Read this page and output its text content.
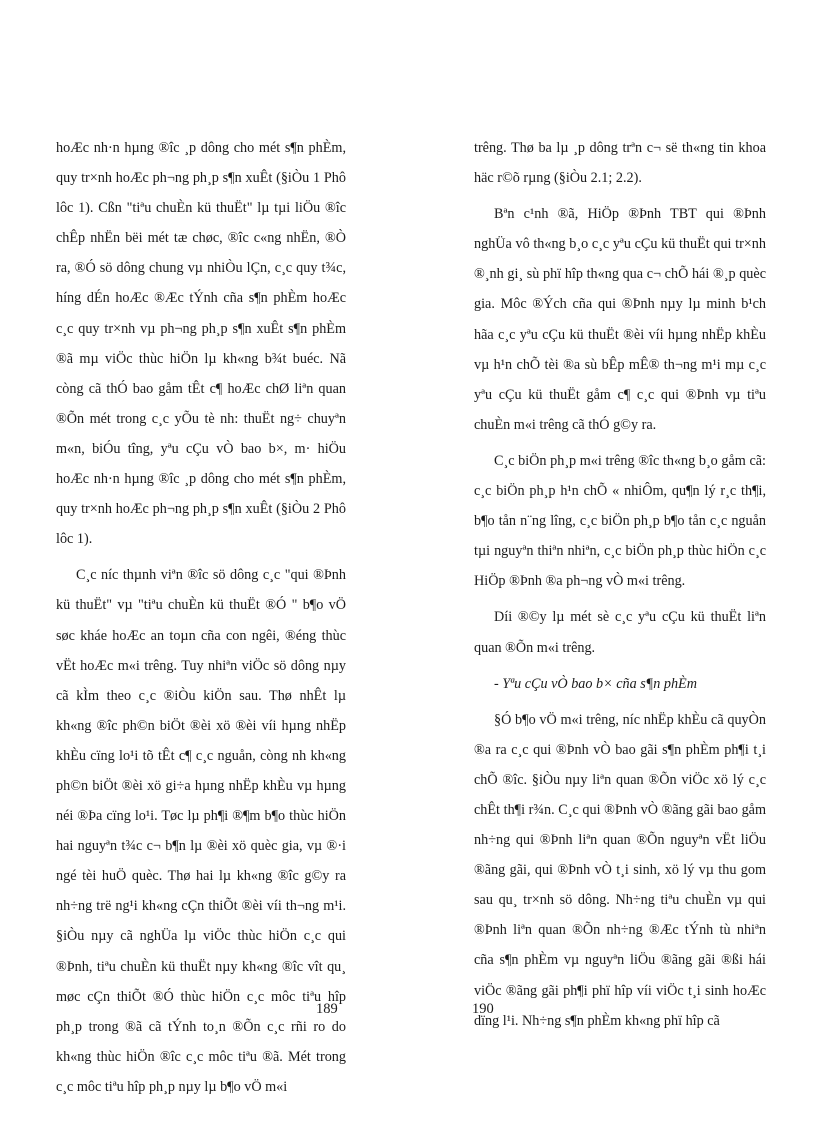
hoÆc nh·n hµng ®îc ¸p dông cho mét s¶n phÈm, quy tr×nh hoÆc ph¬ng ph¸p s¶n xuÊt (§iÒu 1 Phô lôc 1). Cßn "tiªu chuÈn kü thuËt" lµ tµi liÖu ®îc chÊp nhËn bëi mét tæ chøc, ®îc c«ng nhËn, ®Ò ra, ®Ó sö dông chung vµ nhiÒu lÇn, c¸c quy t¾c, híng dÉn hoÆc ®Æc tÝnh cña s¶n phÈm hoÆc c¸c quy tr×nh vµ ph¬ng ph¸p s¶n xuÊt s¶n phÈm ®ã mµ viÖc thùc hiÖn lµ kh«ng b¾t buéc. Nã còng cã thÓ bao gåm tÊt c¶ hoÆc chØ liªn quan ®Õn mét trong c¸c yÕu tè nh: thuËt ng÷ chuyªn m«n, biÓu tîng, yªu cÇu vÒ bao b×, m· hiÖu hoÆc nh·n hµng ®îc ¸p dông cho mét s¶n phÈm, quy tr×nh hoÆc ph¬ng ph¸p s¶n xuÊt (§iÒu 2 Phô lôc 1).

C¸c níc thµnh viªn ®îc sö dông c¸c "qui ®Þnh kü thuËt" vµ "tiªu chuÈn kü thuËt ®Ó " b¶o vÖ søc kháe hoÆc an toµn cña con ngêi, ®éng thùc vËt hoÆc m«i trêng. Tuy nhiªn viÖc sö dông nµy cã kÌm theo c¸c ®iÒu kiÖn sau. Thø nhÊt lµ kh«ng ®îc ph©n biÖt ®èi xö ®èi víi hµng nhËp khÈu cïng lo¹i tõ tÊt c¶ c¸c nguån, còng nh kh«ng ph©n biÖt ®èi xö gi÷a hµng nhËp khÈu vµ hµng néi ®Þa cïng lo¹i. Tøc lµ ph¶i ®¶m b¶o thùc hiÖn hai nguyªn t¾c c¬ b¶n lµ ®èi xö quèc gia, vµ ®·i ngé tèi huÖ quèc. Thø hai lµ kh«ng ®îc g©y ra nh÷ng trë ng¹i kh«ng cÇn thiÕt ®èi víi th¬ng m¹i. §iÒu nµy cã nghÜa lµ viÖc thùc hiÖn c¸c qui ®Þnh, tiªu chuÈn kü thuËt nµy kh«ng ®îc vît qu¸ møc cÇn thiÕt ®Ó thùc hiÖn c¸c môc tiªu hîp ph¸p trong ®ã cã tÝnh to¸n ®Õn c¸c rñi ro do kh«ng thùc hiÖn ®îc c¸c môc tiªu ®ã. Mét trong c¸c môc tiªu hîp ph¸p nµy lµ b¶o vÖ m«i

189

trêng. Thø ba lµ ¸p dông trªn c¬ së th«ng tin khoa häc r©õ rµng (§iÒu 2.1; 2.2).

Bªn c¹nh ®ã, HiÖp ®Þnh TBT qui ®Þnh nghÜa vô th«ng b¸o c¸c yªu cÇu kü thuËt qui tr×nh ®¸nh gi¸ sù phï hîp th«ng qua c¬ chÕ hái ®¸p quèc gia. Môc ®Ých cña qui ®Þnh nµy lµ minh b¹ch hãa c¸c yªu cÇu kü thuËt ®èi víi hµng nhËp khÈu vµ h¹n chÕ tèi ®a sù bÊp mÊ® th¬ng m¹i mµ c¸c yªu cÇu kü thuËt gåm c¶ c¸c qui ®Þnh vµ tiªu chuÈn m«i trêng cã thÓ g©y ra.

C¸c biÖn ph¸p m«i trêng ®îc th«ng b¸o gåm cã: c¸c biÖn ph¸p h¹n chÕ « nhiÔm, qu¶n lý r¸c th¶i, b¶o tån n¨ng lîng, c¸c biÖn ph¸p b¶o tån c¸c nguån tµi nguyªn thiªn nhiªn, c¸c biÖn ph¸p thùc hiÖn c¸c HiÖp ®Þnh ®a ph¬ng vÒ m«i trêng.

Díi ®©y lµ mét sè c¸c yªu cÇu kü thuËt liªn quan ®Õn m«i trêng.

- Yªu cÇu vÒ bao b× cña s¶n phÈm

§Ó b¶o vÖ m«i trêng, níc nhËp khÈu cã quyÒn ®a ra c¸c qui ®Þnh vÒ bao gãi s¶n phÈm ph¶i t¸i chÕ ®îc. §iÒu nµy liªn quan ®Õn viÖc xö lý c¸c chÊt th¶i r¾n. C¸c qui ®Þnh vÒ ®ãng gãi bao gåm nh÷ng qui ®Þnh liªn quan ®Õn nguyªn vËt liÖu ®ãng gãi, qui ®Þnh vÒ t¸i sinh, xö lý vµ thu gom sau qu¸ tr×nh sö dông. Nh÷ng tiªu chuÈn vµ qui ®Þnh liªn quan ®Õn nh÷ng ®Æc tÝnh tù nhiªn cña s¶n phÈm vµ nguyªn liÖu ®ãng gãi ®ßi hái viÖc ®ãng gãi ph¶i phï hîp víi viÖc t¸i sinh hoÆc dïng l¹i. Nh÷ng s¶n phÈm kh«ng phï hîp cã

190
